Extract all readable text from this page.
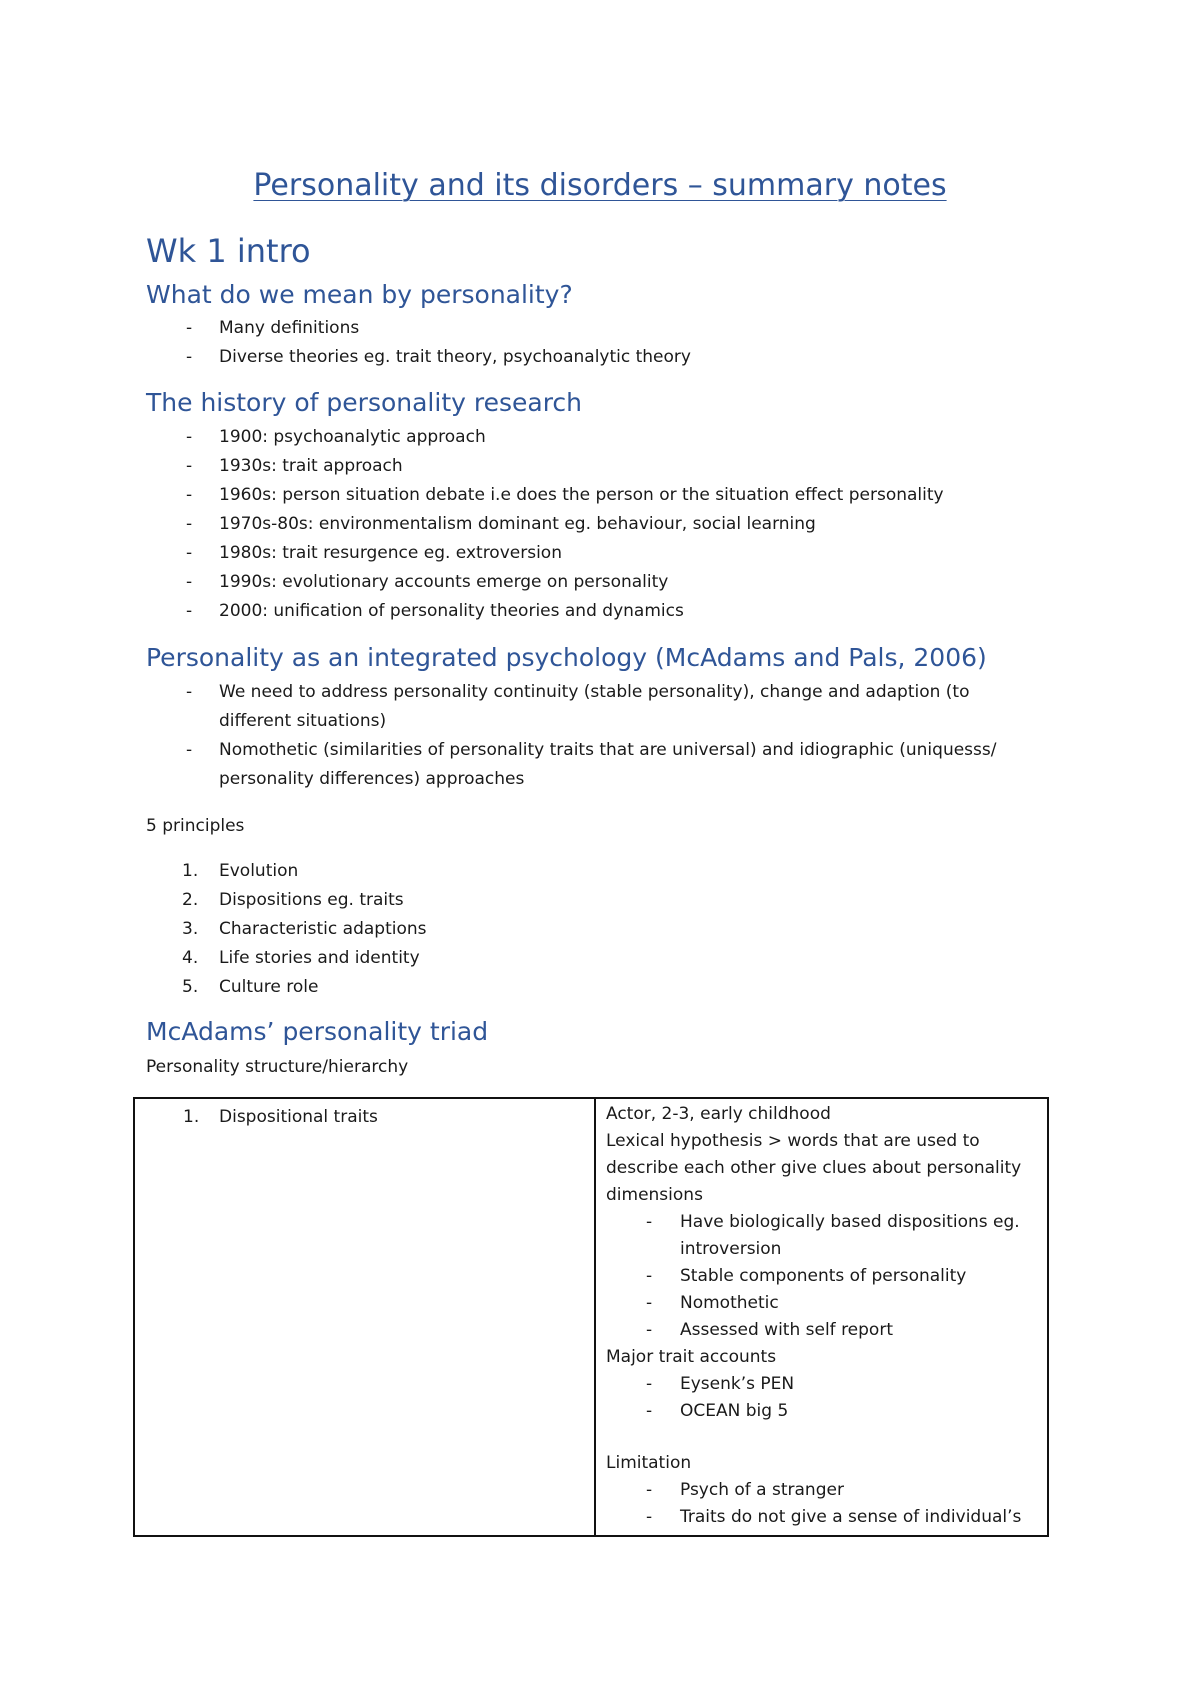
Personality and its disorders – summary notes
Wk 1 intro
What do we mean by personality?
- Many definitions
- Diverse theories eg. trait theory, psychoanalytic theory
The history of personality research
- 1900: psychoanalytic approach
- 1930s: trait approach
- 1960s: person situation debate i.e does the person or the situation effect personality
- 1970s-80s: environmentalism dominant eg. behaviour, social learning
- 1980s: trait resurgence eg. extroversion
- 1990s: evolutionary accounts emerge on personality
- 2000: unification of personality theories and dynamics
Personality as an integrated psychology (McAdams and Pals, 2006)
- We need to address personality continuity (stable personality), change and adaption (to different situations)
- Nomothetic (similarities of personality traits that are universal) and idiographic (uniquesss/ personality differences) approaches
5 principles
1. Evolution
2. Dispositions eg. traits
3. Characteristic adaptions
4. Life stories and identity
5. Culture role
McAdams’ personality triad
Personality structure/hierarchy
1. Dispositional traits	Actor, 2-3, early childhood
Lexical hypothesis > words that are used to describe each other give clues about personality dimensions
- Have biologically based dispositions eg. introversion
- Stable components of personality
- Nomothetic
- Assessed with self report
Major trait accounts
- Eysenk’s PEN
- OCEAN big 5
Limitation
- Psych of a stranger
- Traits do not give a sense of individual’s
